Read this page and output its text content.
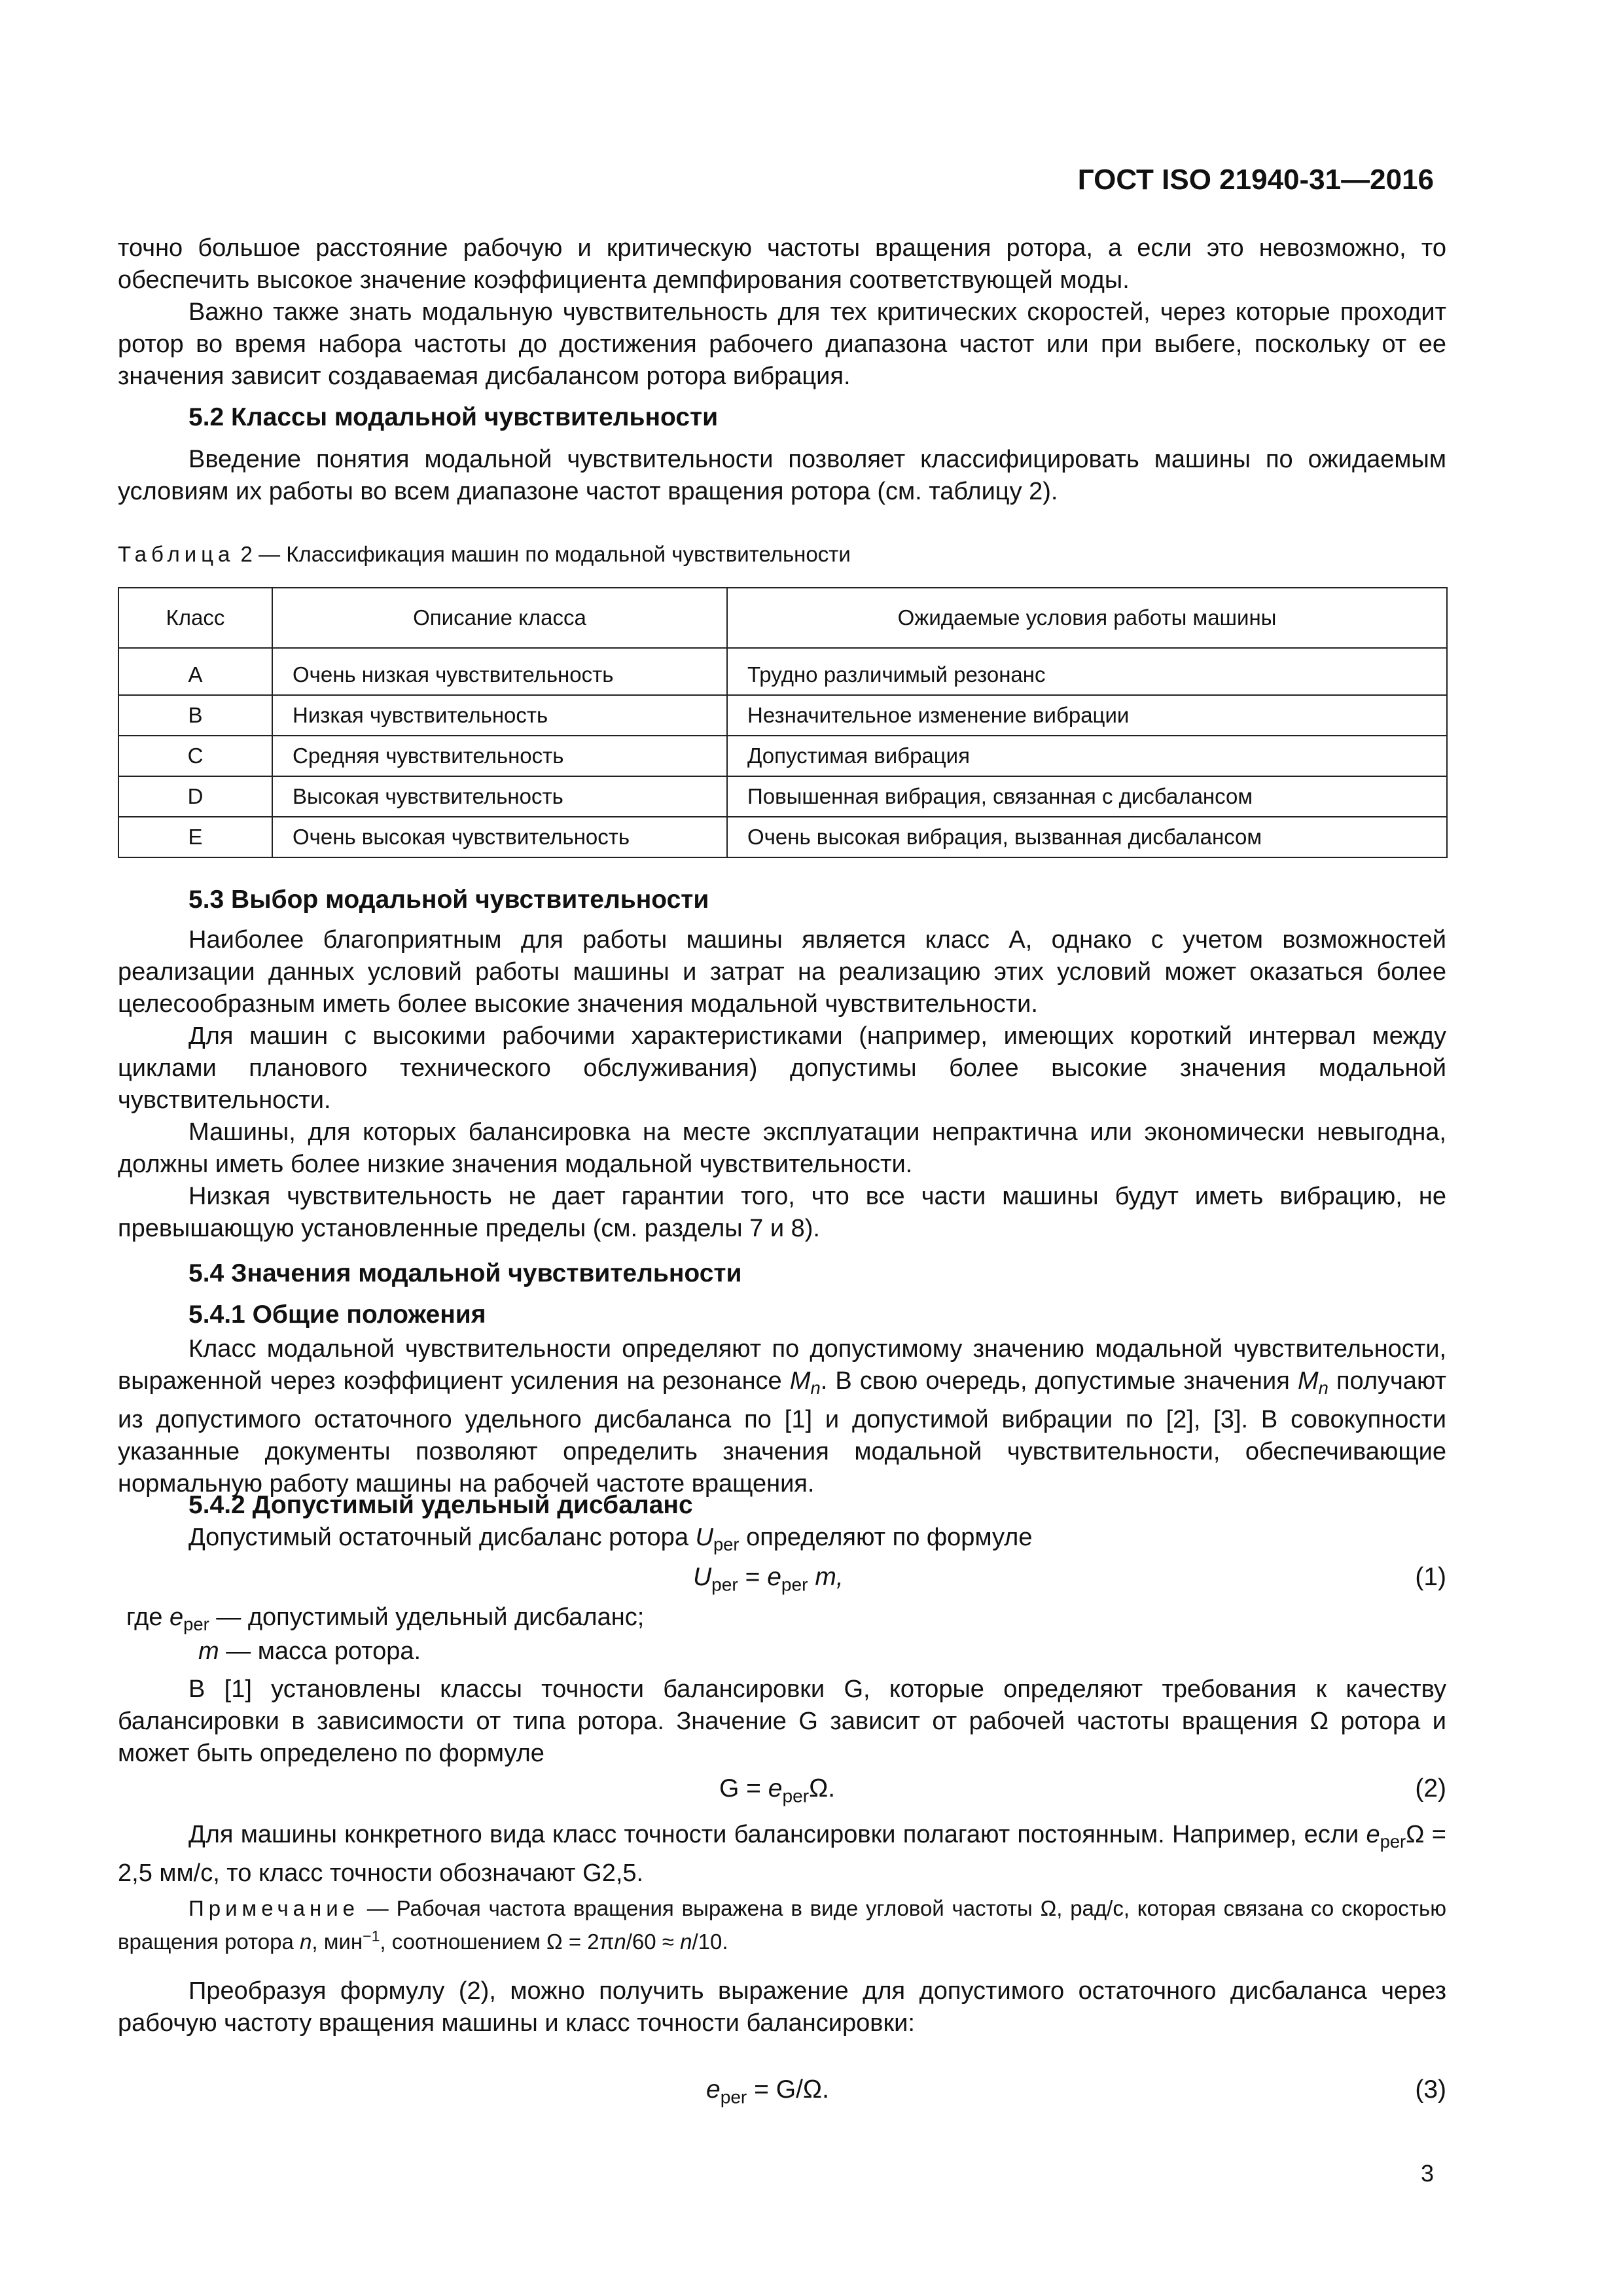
ГОСТ ISO 21940-31—2016

точно большое расстояние рабочую и критическую частоты вращения ротора, а если это невозможно, то обеспечить высокое значение коэффициента демпфирования соответствующей моды.

Важно также знать модальную чувствительность для тех критических скоростей, через которые проходит ротор во время набора частоты до достижения рабочего диапазона частот или при выбеге, поскольку от ее значения зависит создаваемая дисбалансом ротора вибрация.

5.2 Классы модальной чувствительности

Введение понятия модальной чувствительности позволяет классифицировать машины по ожидаемым условиям их работы во всем диапазоне частот вращения ротора (см. таблицу 2).

Таблица 2 — Классификация машин по модальной чувствительности
Класс	Описание класса	Ожидаемые условия работы машины
A	Очень низкая чувствительность	Трудно различимый резонанс
B	Низкая чувствительность	Незначительное изменение вибрации
C	Средняя чувствительность	Допустимая вибрация
D	Высокая чувствительность	Повышенная вибрация, связанная с дисбалансом
E	Очень высокая чувствительность	Очень высокая вибрация, вызванная дисбалансом
5.3 Выбор модальной чувствительности

Наиболее благоприятным для работы машины является класс A, однако с учетом возможностей реализации данных условий работы машины и затрат на реализацию этих условий может оказаться более целесообразным иметь более высокие значения модальной чувствительности.

Для машин с высокими рабочими характеристиками (например, имеющих короткий интервал между циклами планового технического обслуживания) допустимы более высокие значения модальной чувствительности.

Машины, для которых балансировка на месте эксплуатации непрактична или экономически невыгодна, должны иметь более низкие значения модальной чувствительности.

Низкая чувствительность не дает гарантии того, что все части машины будут иметь вибрацию, не превышающую установленные пределы (см. разделы 7 и 8).

5.4 Значения модальной чувствительности
5.4.1 Общие положения

Класс модальной чувствительности определяют по допустимому значению модальной чувствительности, выраженной через коэффициент усиления на резонансе $M_n$. В свою очередь, допустимые значения $M_n$ получают из допустимого остаточного удельного дисбаланса по [1] и допустимой вибрации по [2], [3]. В совокупности указанные документы позволяют определить значения модальной чувствительности, обеспечивающие нормальную работу машины на рабочей частоте вращения.

5.4.2 Допустимый удельный дисбаланс

Допустимый остаточный дисбаланс ротора $U_{per}$ определяют по формуле

$U_{per} = e_{per}$ m,	(1)
где $e_{per}$ — допустимый удельный дисбаланс;
m — масса ротора.

В [1] установлены классы точности балансировки G, которые определяют требования к качеству балансировки в зависимости от типа ротора. Значение G зависит от рабочей частоты вращения Ω ротора и может быть определено по формуле

$G = e_{per}\Omega$.	(2)

Для машины конкретного вида класс точности балансировки полагают постоянным. Например, если $e_{per}\Omega = 2,5$ мм/с, то класс точности обозначают G2,5.

Примечание — Рабочая частота вращения выражена в виде угловой частоты Ω, рад/с, которая связана со скоростью вращения ротора n, мин$^{-1}$, соотношением Ω = 2πn/60 ≈ n/10.

Преобразуя формулу (2), можно получить выражение для допустимого остаточного дисбаланса через рабочую частоту вращения машины и класс точности балансировки:

$e_{per} = G/\Omega$.	(3)
3
